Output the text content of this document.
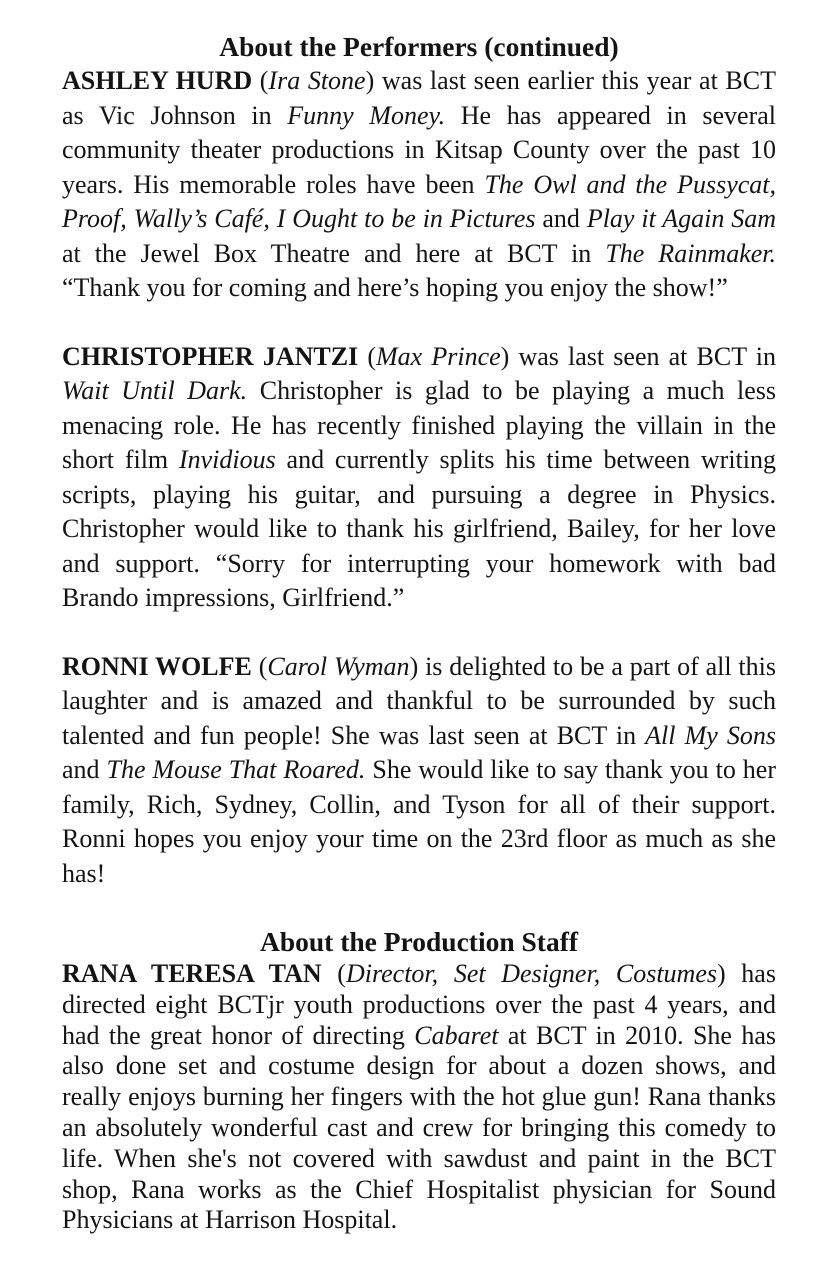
About the Performers (continued)

ASHLEY HURD (Ira Stone) was last seen earlier this year at BCT as Vic Johnson in Funny Money. He has appeared in several community theater productions in Kitsap County over the past 10 years. His memorable roles have been The Owl and the Pussycat, Proof, Wally’s Café, I Ought to be in Pictures and Play it Again Sam at the Jewel Box Theatre and here at BCT in The Rainmaker. “Thank you for coming and here’s hoping you enjoy the show!”

CHRISTOPHER JANTZI (Max Prince) was last seen at BCT in Wait Until Dark. Christopher is glad to be playing a much less menacing role. He has recently finished playing the villain in the short film Invidious and currently splits his time between writing scripts, playing his guitar, and pursuing a degree in Physics. Christopher would like to thank his girlfriend, Bailey, for her love and support. “Sorry for interrupting your homework with bad Brando impressions, Girlfriend.”

RONNI WOLFE (Carol Wyman) is delighted to be a part of all this laughter and is amazed and thankful to be surrounded by such talented and fun people! She was last seen at BCT in All My Sons and The Mouse That Roared. She would like to say thank you to her family, Rich, Sydney, Collin, and Tyson for all of their support. Ronni hopes you enjoy your time on the 23rd floor as much as she has!

About the Production Staff

RANA TERESA TAN (Director, Set Designer, Costumes) has directed eight BCTjr youth productions over the past 4 years, and had the great honor of directing Cabaret at BCT in 2010. She has also done set and costume design for about a dozen shows, and really enjoys burning her fingers with the hot glue gun! Rana thanks an absolutely wonderful cast and crew for bringing this comedy to life. When she's not covered with sawdust and paint in the BCT shop, Rana works as the Chief Hospitalist physician for Sound Physicians at Harrison Hospital.
